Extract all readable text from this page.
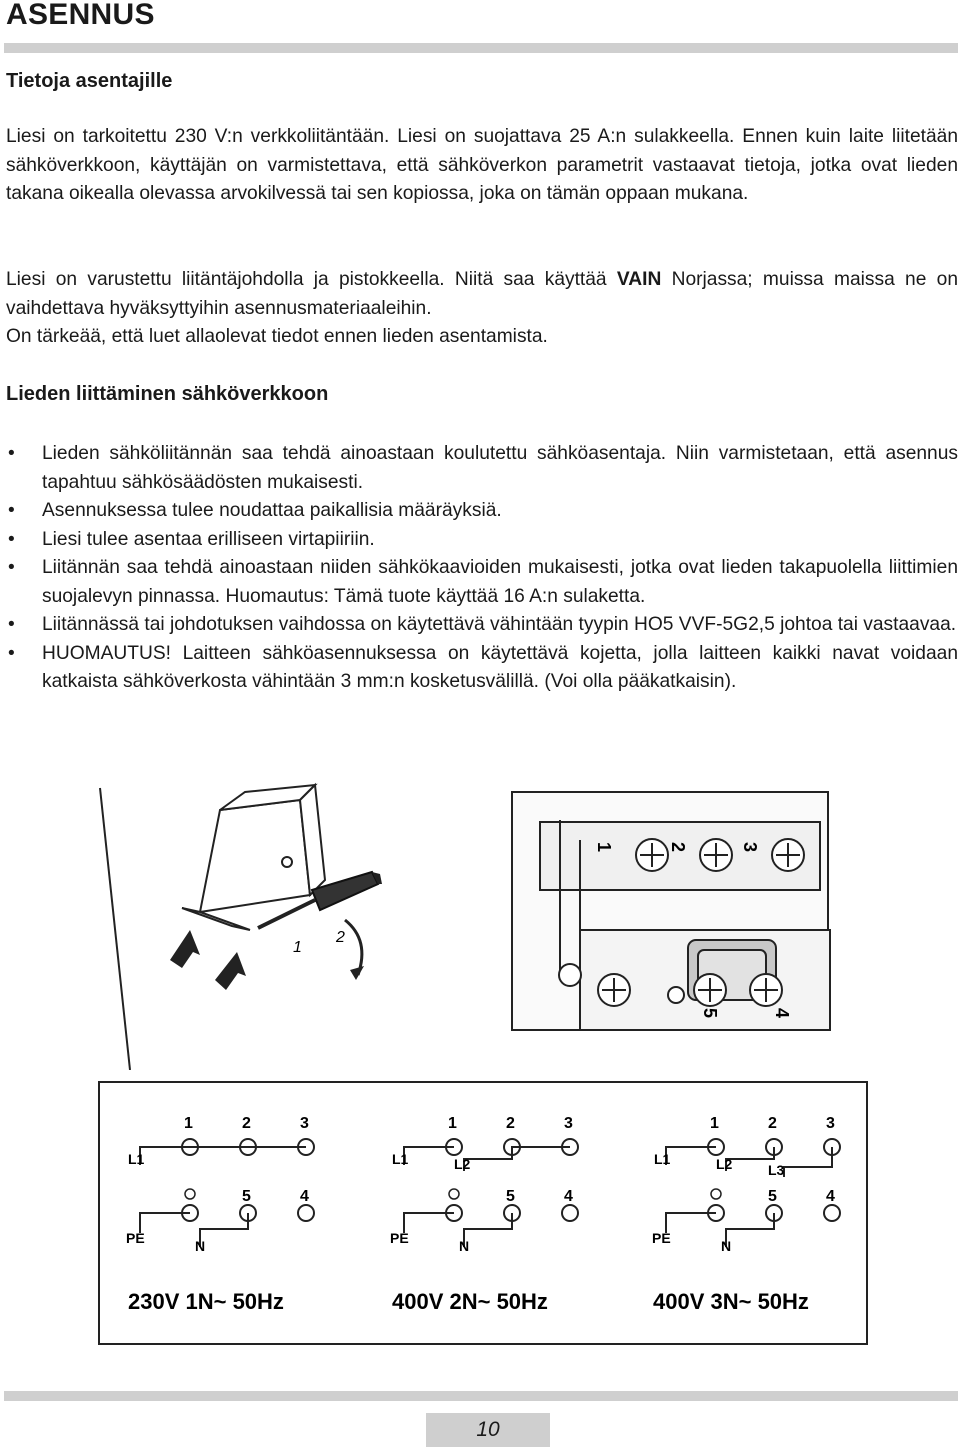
ASENNUS
Tietoja asentajille
Liesi on tarkoitettu 230 V:n verkkoliitäntään. Liesi on suojattava 25 A:n sulakkeella. Ennen kuin laite liitetään sähköverkkoon, käyttäjän on varmistettava, että sähköverkon parametrit vastaavat tietoja, jotka ovat lieden takana oikealla olevassa arvokilvessä tai sen kopiossa, joka on tämän oppaan mukana.
Liesi on varustettu liitäntäjohdolla ja pistokkeella. Niitä saa käyttää VAIN Norjassa; muissa maissa ne on vaihdettava hyväksyttyihin asennusmateriaaleihin.
On tärkeää, että luet allaolevat tiedot ennen lieden asentamista.
Lieden liittäminen sähköverkkoon
• Lieden sähköliitännän saa tehdä ainoastaan koulutettu sähköasentaja. Niin varmistetaan, että asennus tapahtuu sähkösäädösten mukaisesti.
• Asennuksessa tulee noudattaa paikallisia määräyksiä.
• Liesi tulee asentaa erilliseen virtapiiriin.
• Liitännän saa tehdä ainoastaan niiden sähkökaavioiden mukaisesti, jotka ovat lieden takapuolella liittimien suojalevyn pinnassa. Huomautus: Tämä tuote käyttää 16 A:n sulaketta.
• Liitännässä tai johdotuksen vaihdossa on käytettävä vähintään tyypin HO5 VVF-5G2,5 johtoa tai vastaavaa.
• HUOMAUTUS! Laitteen sähköasennuksessa on käytettävä kojetta, jolla laitteen kaikki navat voidaan katkaista sähköverkosta vähintään 3 mm:n kosketusvälillä. (Voi olla pääkatkaisin).
1
2
1	2	3
5	4
1	2	3
L1
PE	N
5	4
230V 1N~ 50Hz
1	2	3
L1	L2
PE	N
5	4
400V 2N~ 50Hz
1	2	3
L1	L2	L3
PE	N
5	4
400V 3N~ 50Hz
10
